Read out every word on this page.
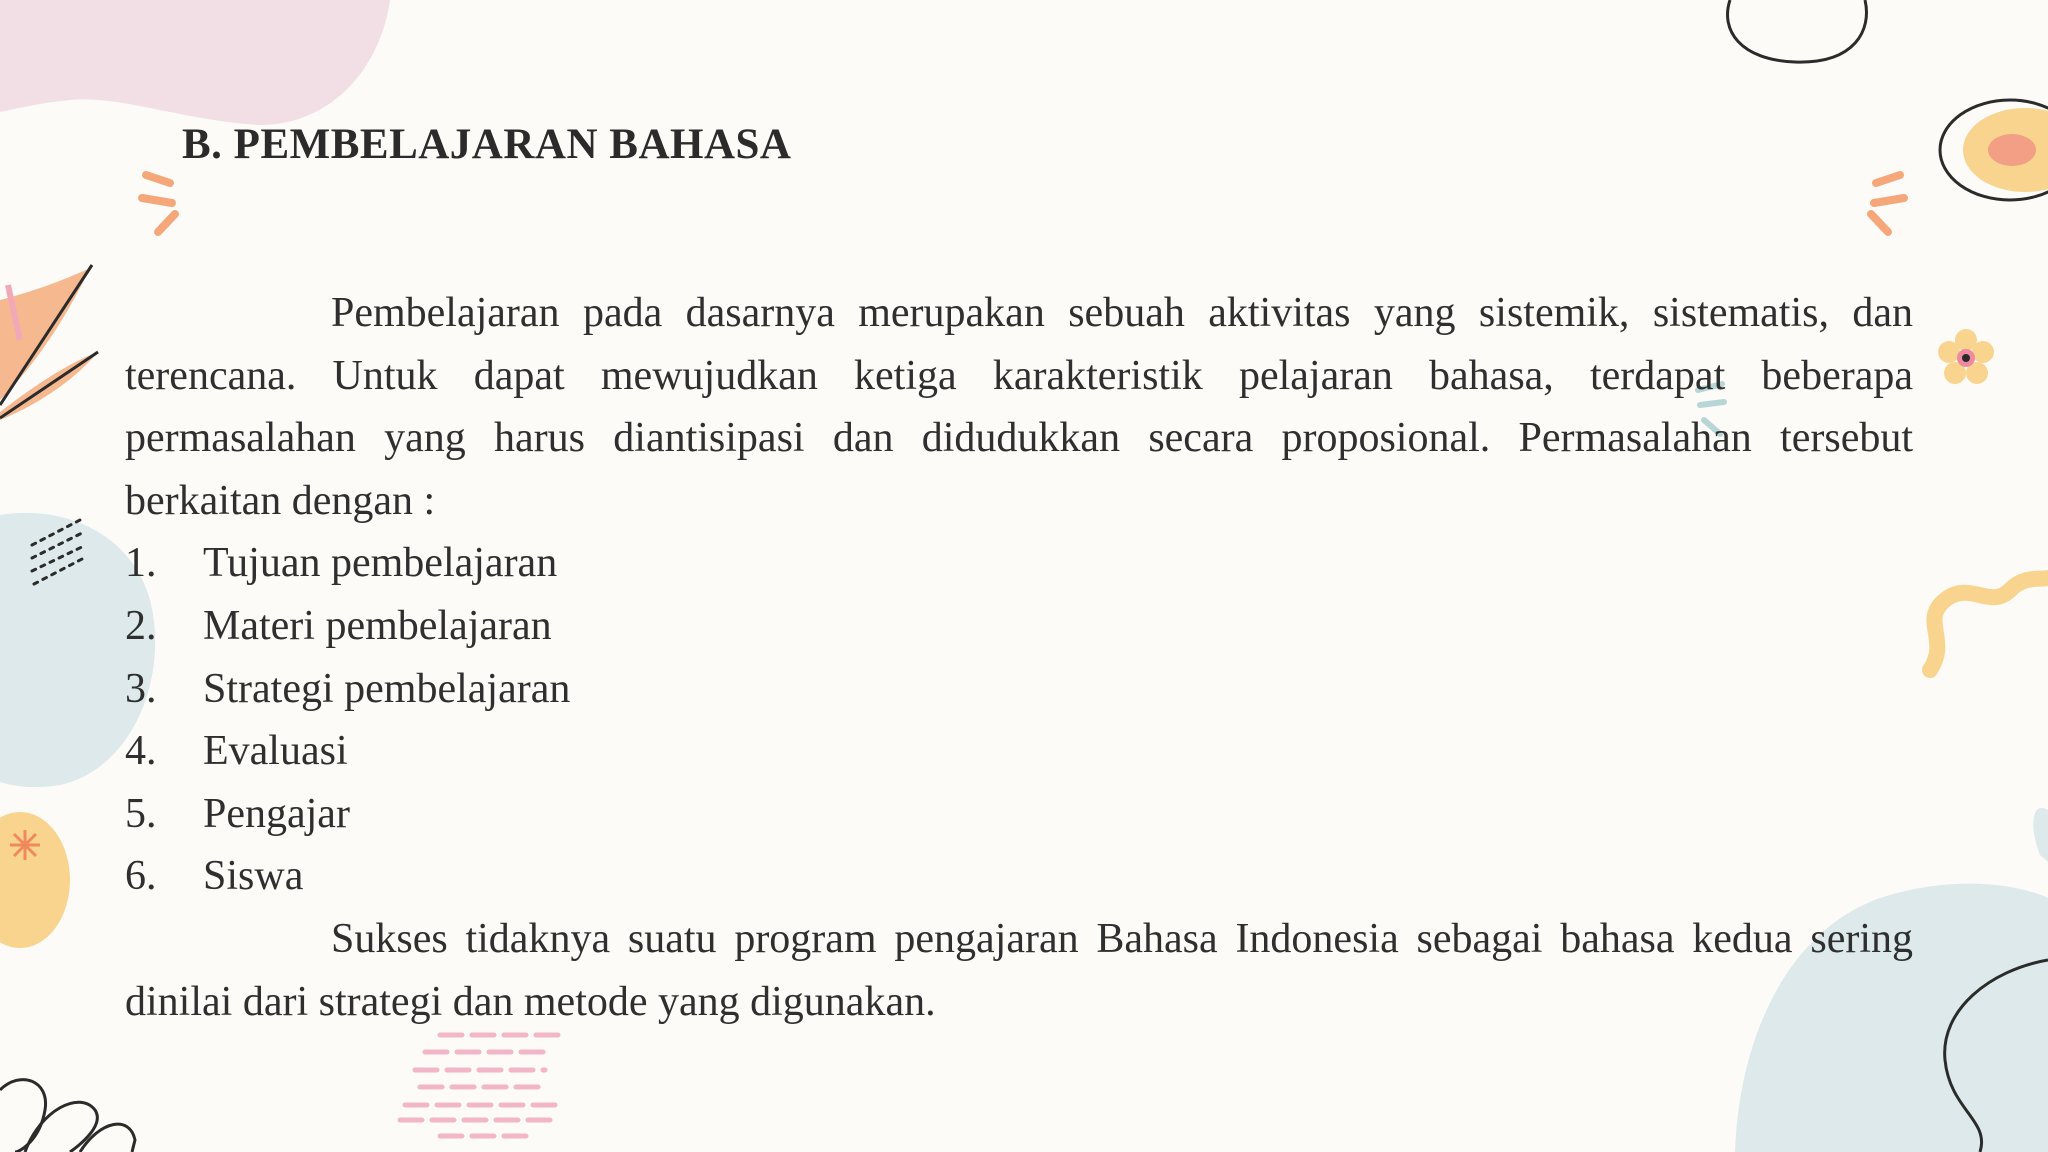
B. PEMBELAJARAN BAHASA

Pembelajaran pada dasarnya merupakan sebuah aktivitas yang sistemik, sistematis, dan terencana. Untuk dapat mewujudkan ketiga karakteristik pelajaran bahasa, terdapat beberapa permasalahan yang harus diantisipasi dan didudukkan secara proposional. Permasalahan tersebut berkaitan dengan :

1.	Tujuan pembelajaran
2.	Materi pembelajaran
3.	Strategi pembelajaran
4.	Evaluasi
5.	Pengajar
6.	Siswa

Sukses tidaknya suatu program pengajaran Bahasa Indonesia sebagai bahasa kedua sering dinilai dari strategi dan metode yang digunakan.
